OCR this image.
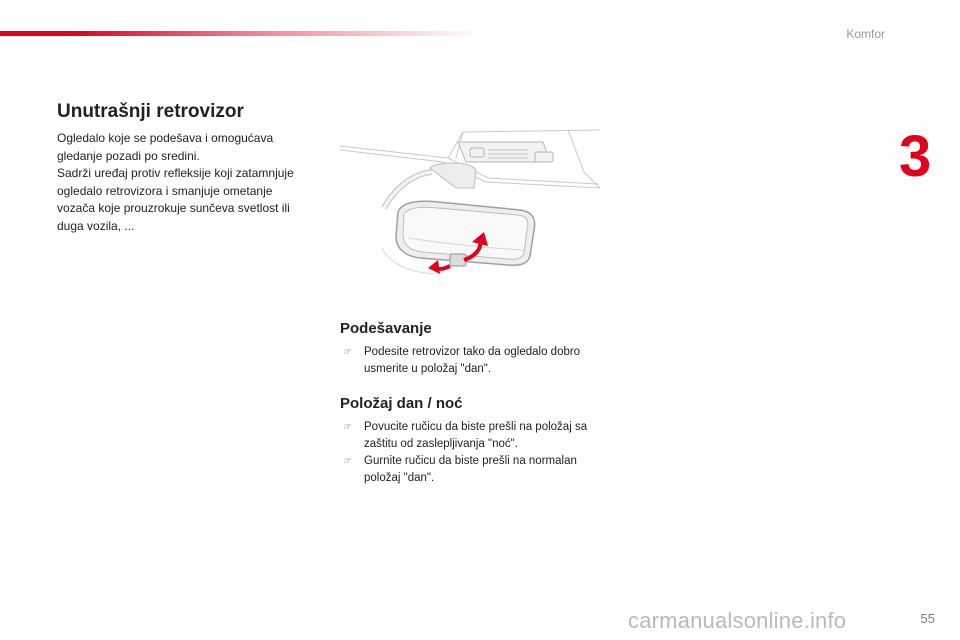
Komfor
3
Unutrašnji retrovizor

Ogledalo koje se podešava i omogućava gledanje pozadi po sredini.

Sadrži uređaj protiv refleksije koji zatamnjuje ogledalo retrovizora i smanjuje ometanje vozača koje prouzrokuje sunčeva svetlost ili duga vozila, ...

Podešavanje
☞ Podesite retrovizor tako da ogledalo dobro usmerite u položaj "dan".
Položaj dan / noć
☞ Povucite ručicu da biste prešli na položaj sa zaštitu od zaslepljivanja "noć".
☞ Gurnite ručicu da biste prešli na normalan položaj "dan".
55
carmanualsonline.info
